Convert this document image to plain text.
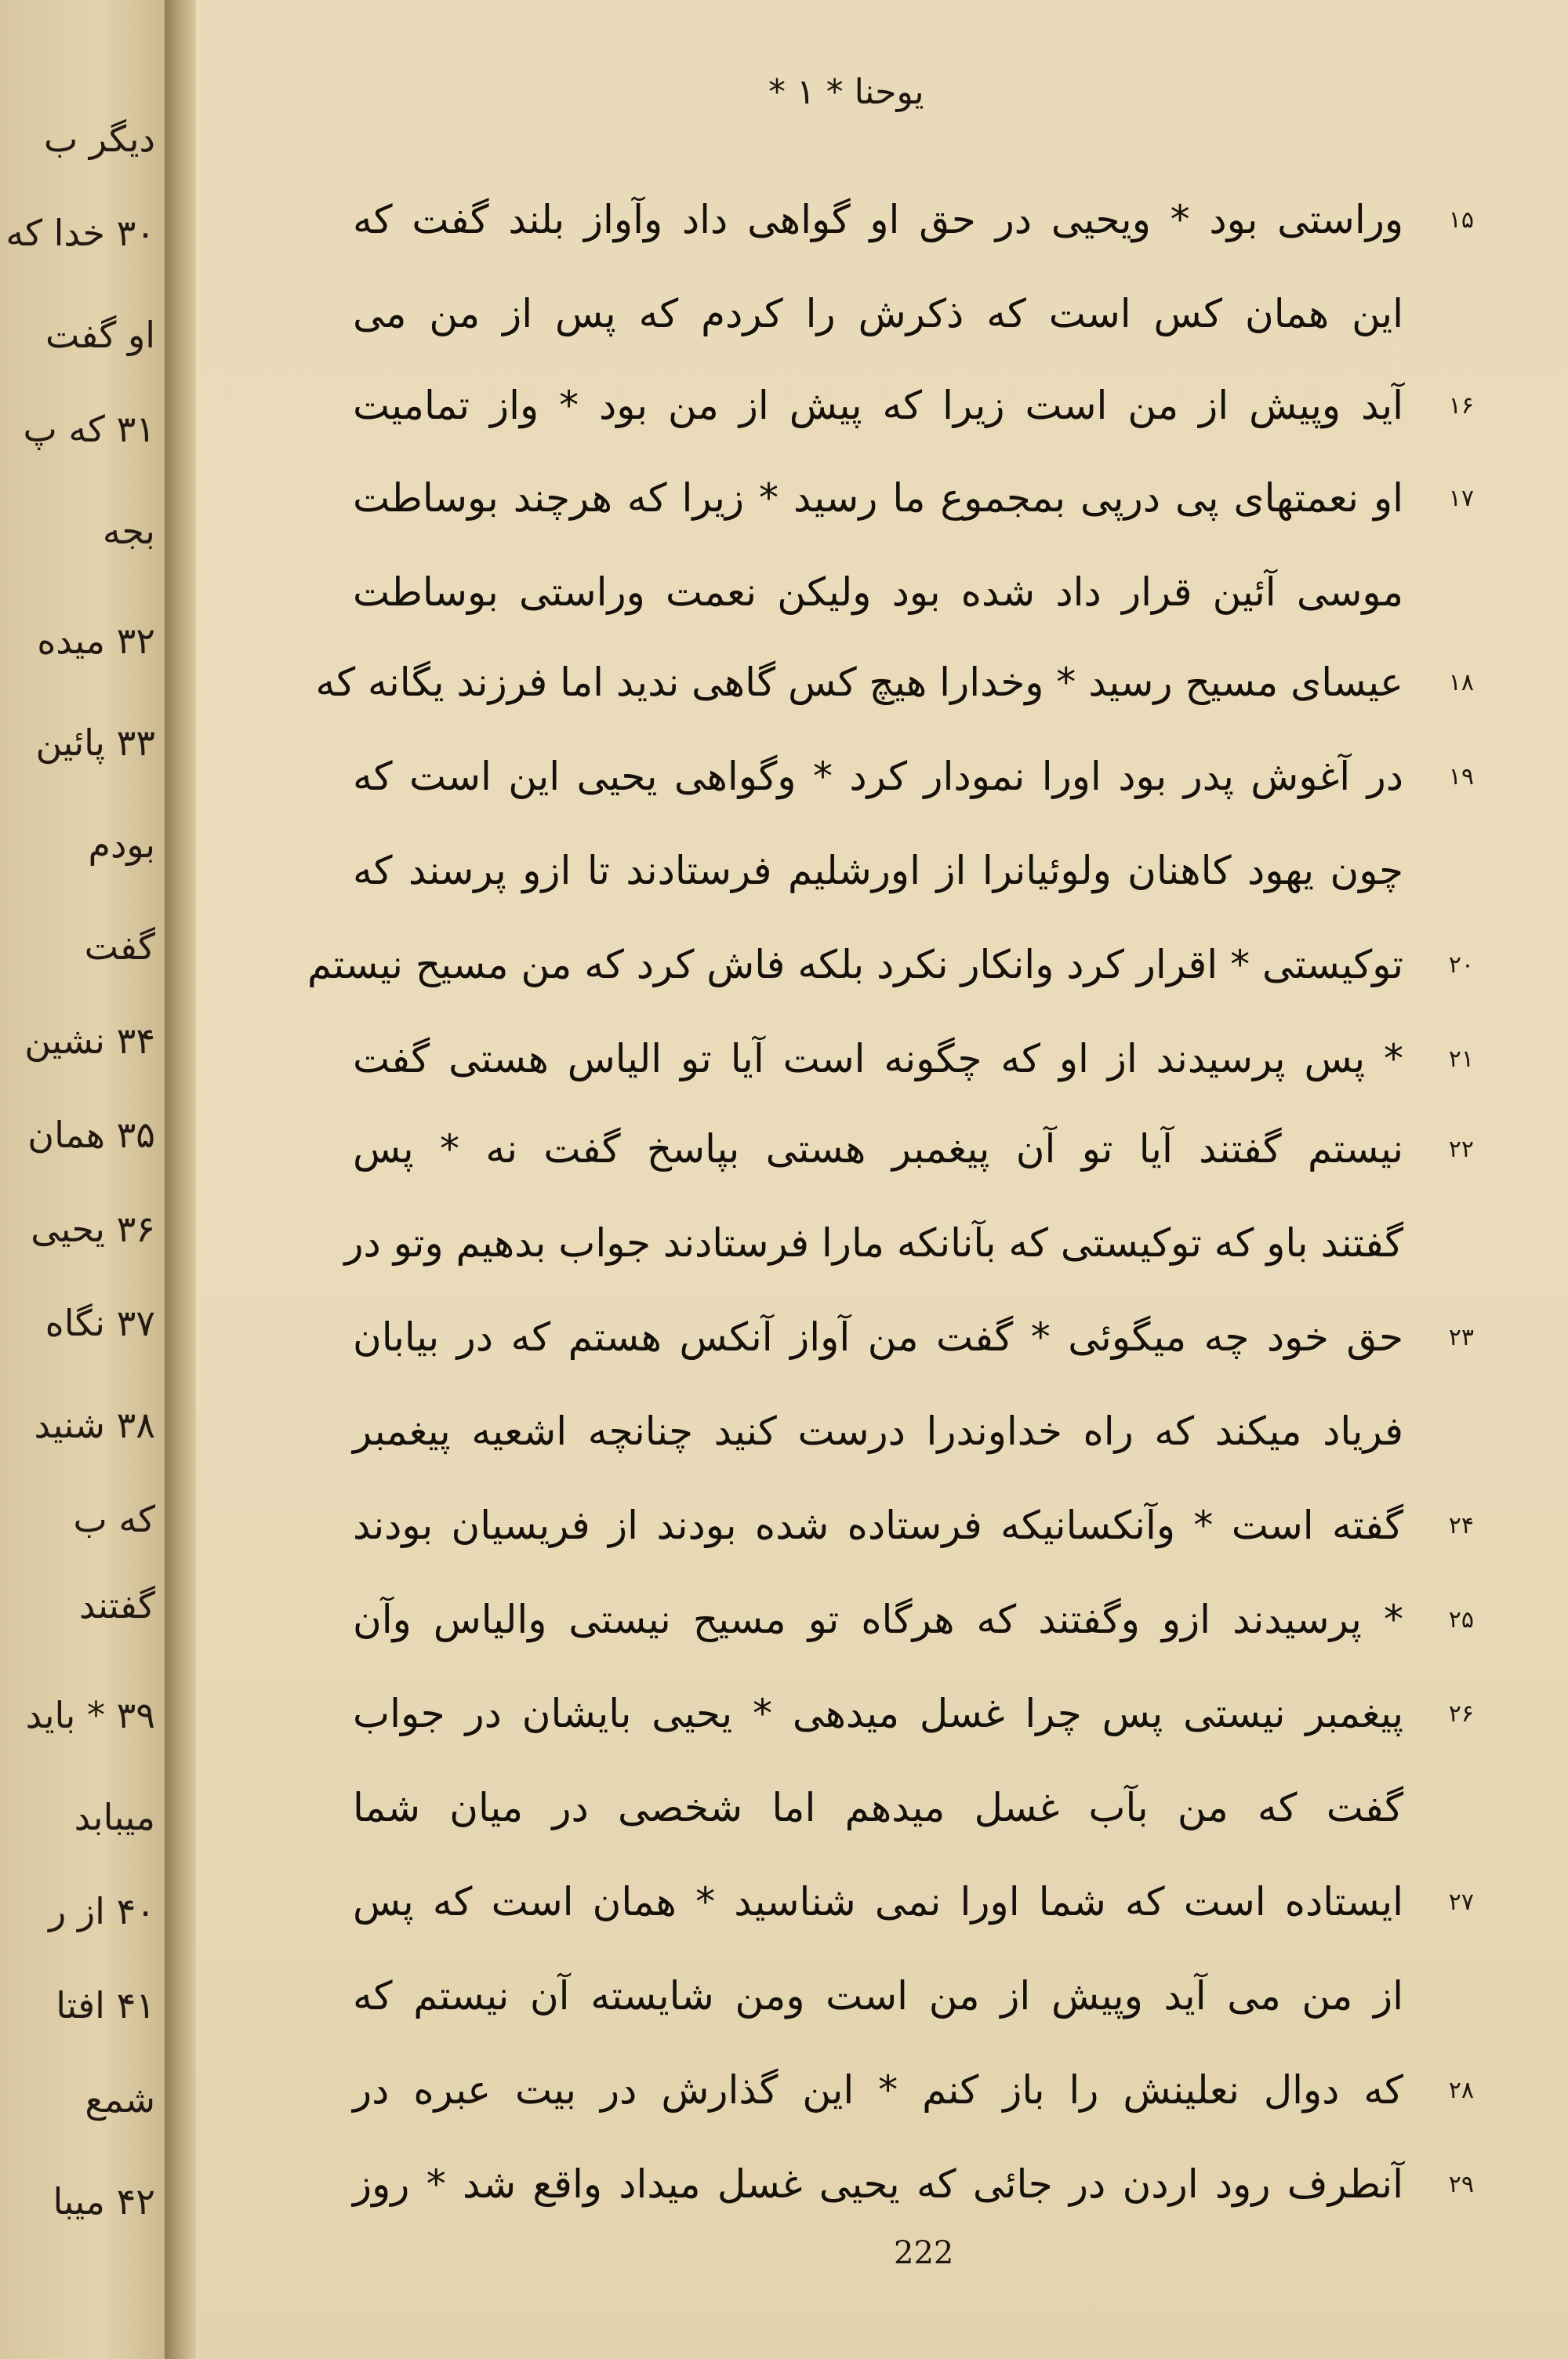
دیگر ب
۳۰ خدا که
او گفت
۳۱ که پ
بجه
۳۲ میده
۳۳ پائین
بودم
گفت
۳۴ نشین
۳۵ همان
۳۶ یحیی
۳۷ نگاه
۳۸ شنید
که ب
گفتند
۳۹ * باید
میبابد
۴۰ از ر
۴۱ افتا
شمع
۴۲ میبا
یوحنا * ۱ *
۱۵
وراستی بود * ویحیی در حق او گواهی داد وآواز بلند گفت که
این همان کس است که ذکرش را کردم که پس از من می
۱۶
آید وپیش از من است زیرا که پیش از من بود * واز تمامیت
۱۷
او نعمتهای پی درپی بمجموع ما رسید * زیرا که هرچند بوساطت
موسی آئین قرار داد شده بود ولیکن نعمت وراستی بوساطت
۱۸
عیسای مسیح رسید * وخدارا هیچ کس گاهی ندید اما فرزند یگانه که
۱۹
در آغوش پدر بود اورا نمودار کرد * وگواهی یحیی این است که
چون یهود کاهنان ولوئیانرا از اورشلیم فرستادند تا ازو پرسند که
۲۰
توکیستی * اقرار کرد وانکار نکرد بلکه فاش کرد که من مسیح نیستم
۲۱
* پس پرسیدند از او که چگونه است آیا تو الیاس هستی گفت
۲۲
نیستم گفتند آیا تو آن پیغمبر هستی بپاسخ گفت نه * پس
گفتند باو که توکیستی که بآنانکه مارا فرستادند جواب بدهیم وتو در
۲۳
حق خود چه میگوئی * گفت من آواز آنکس هستم که در بیابان
فریاد میکند که راه خداوندرا درست کنید چنانچه اشعیه پیغمبر
۲۴
گفته است * وآنکسانیکه فرستاده شده بودند از فریسیان بودند
۲۵
* پرسیدند ازو وگفتند که هرگاه تو مسیح نیستی والیاس وآن
۲۶
پیغمبر نیستی پس چرا غسل میدهی * یحیی بایشان در جواب
گفت که من بآب غسل میدهم اما شخصی در میان شما
۲۷
ایستاده است که شما اورا نمی شناسید * همان است که پس
از من می آید وپیش از من است ومن شایسته آن نیستم که
۲۸
که دوال نعلینش را باز کنم * این گذارش در بیت عبره در
۲۹
آنطرف رود اردن در جائی که یحیی غسل میداد واقع شد * روز
222
